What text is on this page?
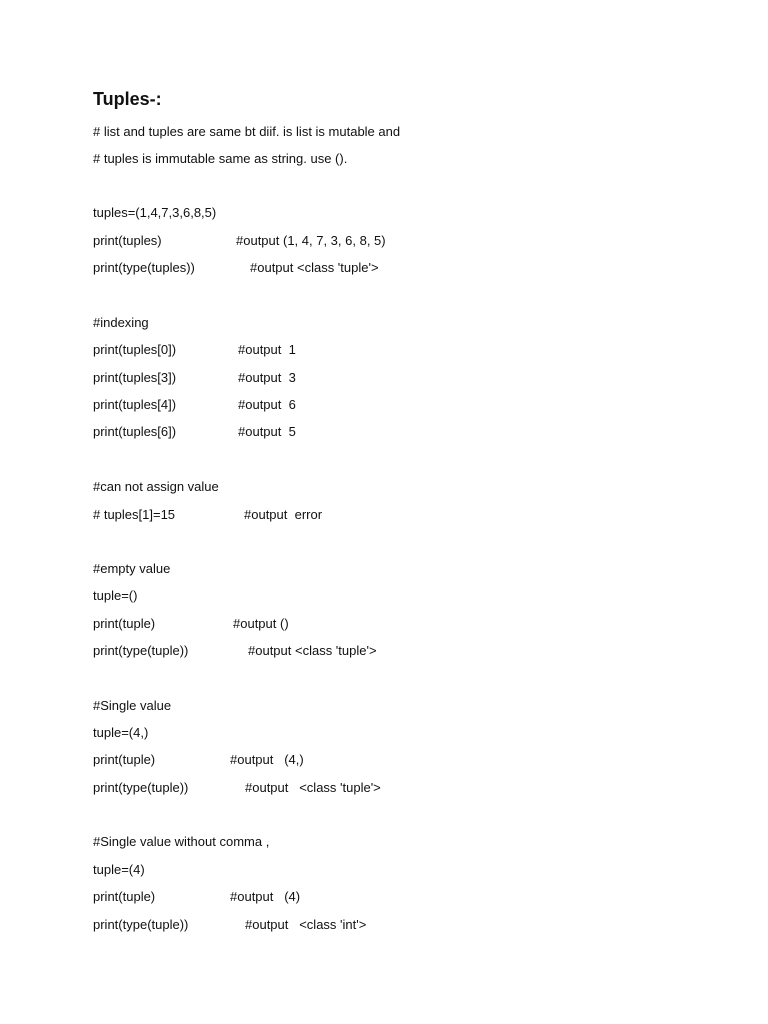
Tuples-:
# list and tuples are same bt diif. is list is mutable and
# tuples is immutable same as string. use ().
tuples=(1,4,7,3,6,8,5)
print(tuples)	#output (1, 4, 7, 3, 6, 8, 5)
print(type(tuples))	#output <class 'tuple'>
#indexing
print(tuples[0])	#output  1
print(tuples[3])	#output  3
print(tuples[4])	#output  6
print(tuples[6])	#output  5
#can not assign value
# tuples[1]=15	#output  error
#empty value
tuple=()
print(tuple)	#output ()
print(type(tuple))	#output <class 'tuple'>
#Single value
tuple=(4,)
print(tuple)	#output   (4,)
print(type(tuple))	#output   <class 'tuple'>
#Single value without comma ,
tuple=(4)
print(tuple)	#output   (4)
print(type(tuple))	#output   <class 'int'>
